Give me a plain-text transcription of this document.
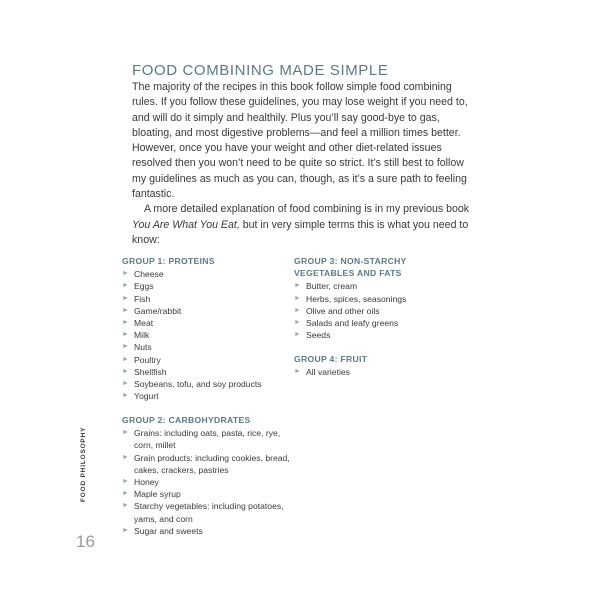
FOOD COMBINING MADE SIMPLE

The majority of the recipes in this book follow simple food combining rules. If you follow these guidelines, you may lose weight if you need to, and will do it simply and healthily. Plus you’ll say good-bye to gas, bloating, and most digestive problems—and feel a million times better. However, once you have your weight and other diet-related issues resolved then you won’t need to be quite so strict. It’s still best to follow my guidelines as much as you can, though, as it’s a sure path to feeling fantastic.

A more detailed explanation of food combining is in my previous book You Are What You Eat, but in very simple terms this is what you need to know:

GROUP 1: PROTEINS
► Cheese
► Eggs
► Fish
► Game/rabbit
► Meat
► Milk
► Nuts
► Poultry
► Shellfish
► Soybeans, tofu, and soy products
► Yogurt
GROUP 2: CARBOHYDRATES
► Grains: including oats, pasta, rice, rye, corn, millet
► Grain products: including cookies, bread, cakes, crackers, pastries
► Honey
► Maple syrup
► Starchy vegetables: including potatoes, yams, and corn
► Sugar and sweets
GROUP 3: NON-STARCHY VEGETABLES AND FATS
► Butter, cream
► Herbs, spices, seasonings
► Olive and other oils
► Salads and leafy greens
► Seeds
GROUP 4: FRUIT
► All varieties
FOOD PHILOSOPHY
16
